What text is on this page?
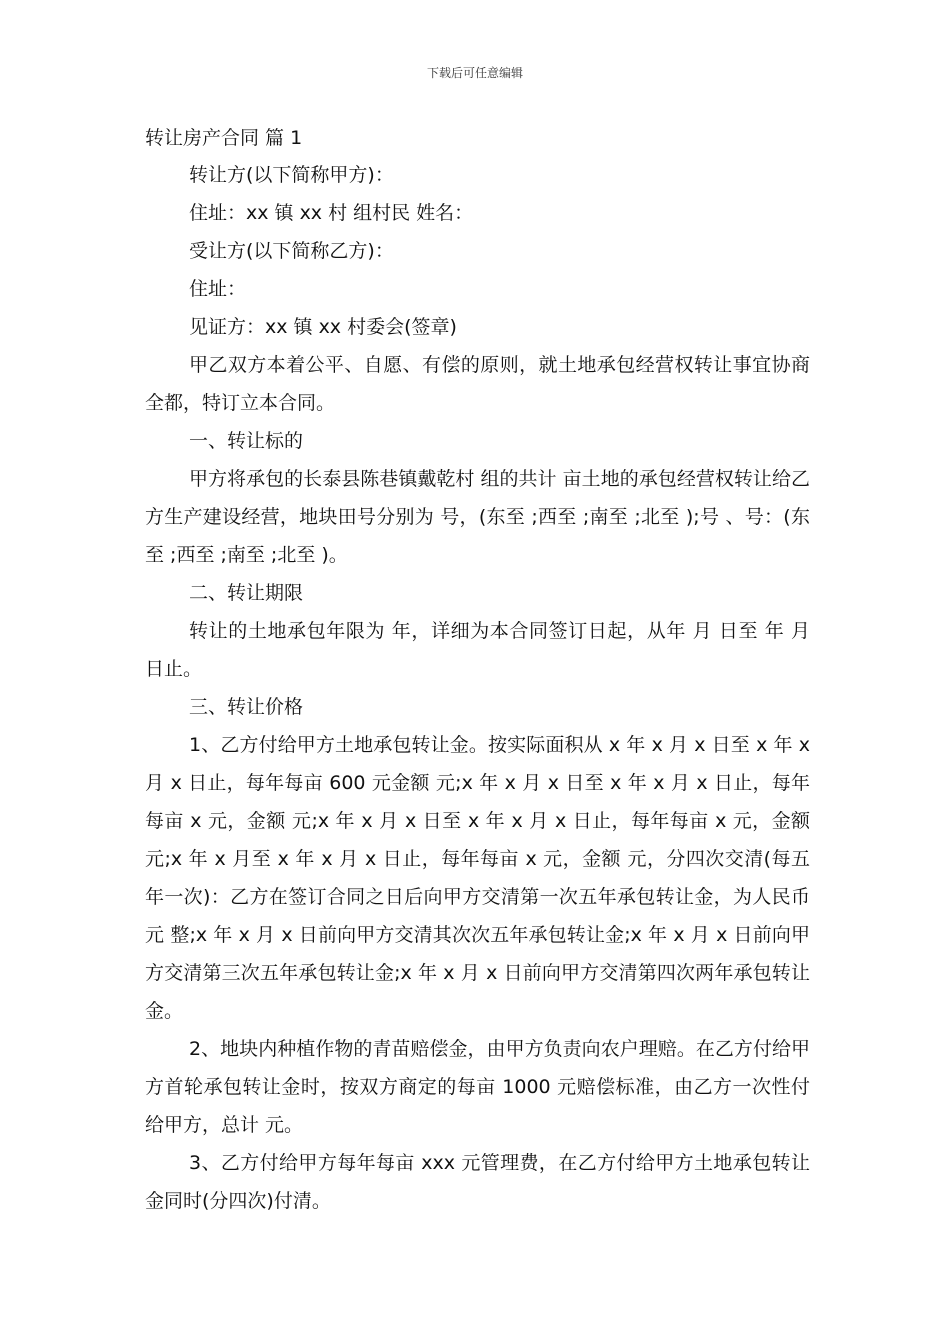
下载后可任意编辑

转让房产合同 篇 1

转让方(以下简称甲方)：

住址：xx 镇 xx 村 组村民 姓名：

受让方(以下简称乙方)：

住址：

见证方：xx 镇 xx 村委会(签章)

甲乙双方本着公平、自愿、有偿的原则，就土地承包经营权转让事宜协商全都，特订立本合同。

一、转让标的

甲方将承包的长泰县陈巷镇戴乾村 组的共计 亩土地的承包经营权转让给乙方生产建设经营，地块田号分别为 号，(东至 ;西至 ;南至 ;北至 );号 、号：(东至 ;西至 ;南至 ;北至 )。

二、转让期限

转让的土地承包年限为 年，详细为本合同签订日起，从年 月 日至 年 月 日止。

三、转让价格

1、乙方付给甲方土地承包转让金。按实际面积从 x 年 x 月 x 日至 x 年 x 月 x 日止，每年每亩 600 元金额 元;x 年 x 月 x 日至 x 年 x 月 x 日止，每年每亩 x 元，金额 元;x 年 x 月 x 日至 x 年 x 月 x 日止，每年每亩 x 元，金额 元;x 年 x 月至 x 年 x 月 x 日止，每年每亩 x 元，金额 元，分四次交清(每五年一次)：乙方在签订合同之日后向甲方交清第一次五年承包转让金，为人民币元 整;x 年 x 月 x 日前向甲方交清其次次五年承包转让金;x 年 x 月 x 日前向甲方交清第三次五年承包转让金;x 年 x 月 x 日前向甲方交清第四次两年承包转让金。

2、地块内种植作物的青苗赔偿金，由甲方负责向农户理赔。在乙方付给甲方首轮承包转让金时，按双方商定的每亩 1000 元赔偿标准，由乙方一次性付给甲方，总计 元。

3、乙方付给甲方每年每亩 xxx 元管理费，在乙方付给甲方土地承包转让金同时(分四次)付清。
